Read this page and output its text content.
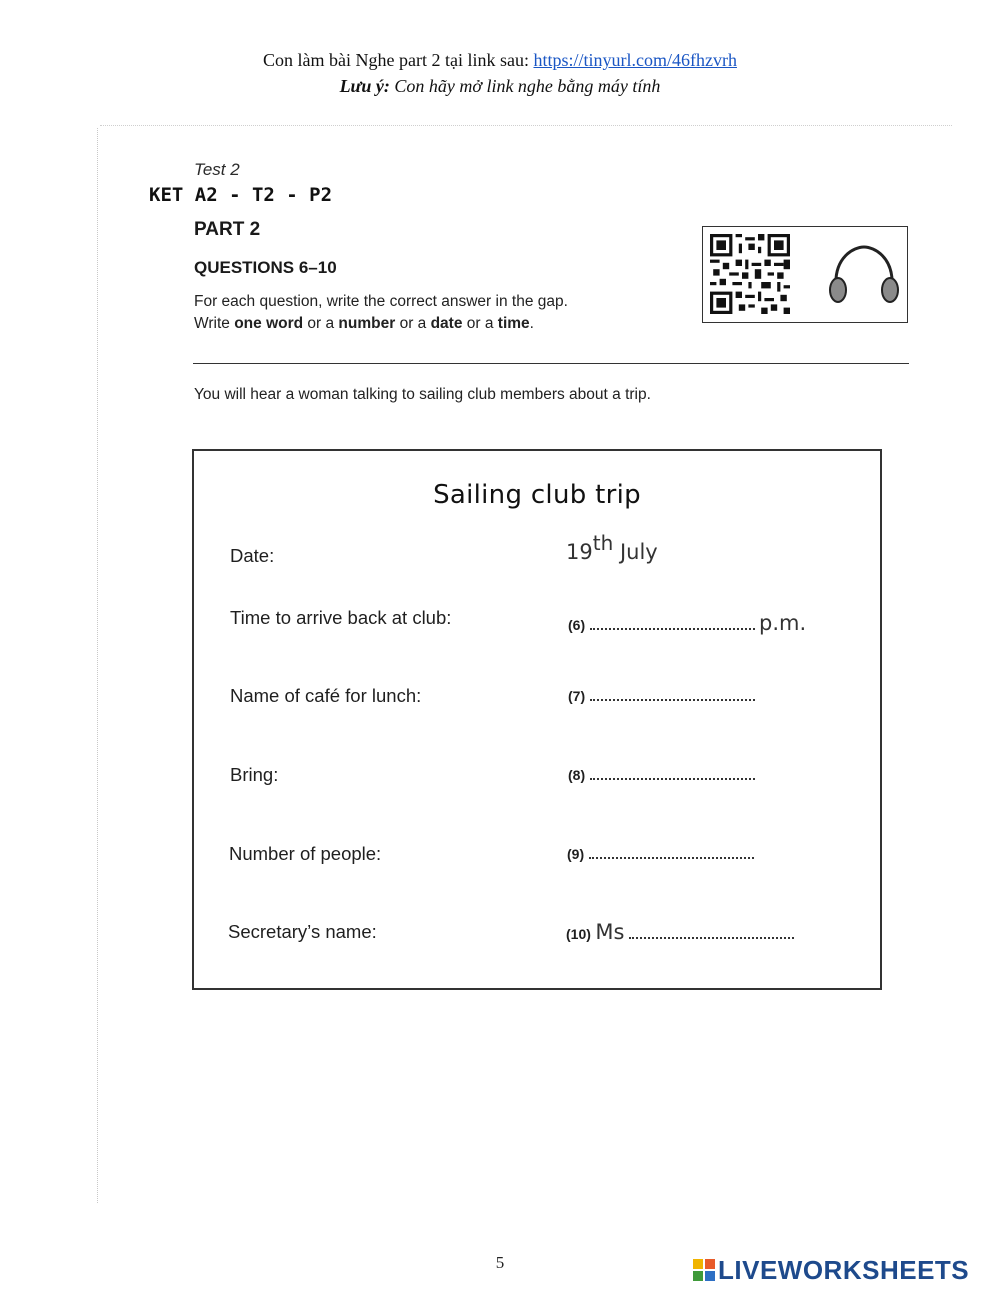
Con làm bài Nghe part 2 tại link sau: https://tinyurl.com/46fhzvrh
Lưu ý: Con hãy mở link nghe bằng máy tính
Test 2
KET A2 - T2 - P2
PART 2
QUESTIONS 6–10
For each question, write the correct answer in the gap.
Write one word or a number or a date or a time.
You will hear a woman talking to sailing club members about a trip.
Sailing club trip
Date:	19th July
Time to arrive back at club:	(6)	p.m.
Name of café for lunch:	(7)
Bring:	(8)
Number of people:	(9)
Secretary’s name:	(10) Ms
5	LIVEWORKSHEETS
